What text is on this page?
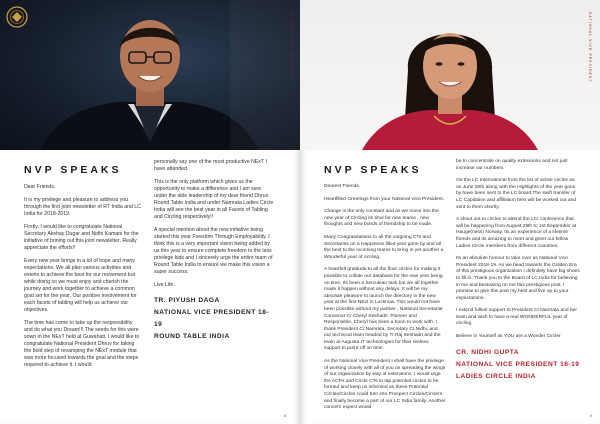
NATIONAL VICE PRESIDENT
NVP SPEAKS

Dear Friends,

It is my privilege and pleasure to address you through the first joint newsletter of RT India and LC India for 2018-2019.

Firstly, I would like to congratulate National Secretary Akshay Dugar and Nidhi Kamani for the initiative of brining out this joint newsletter. Really appreciate the efforts!!

Every new year brings in a lot of hope and many expectations. We all plan various activities and events to achieve the best for our movement but while doing so we must enjoy and cherish the journey and work together to achieve a common goal set for the year. Our positive involvement for each facets of tabling will help us achieve our objectives.

The time has come to take up the responsibility and do what you Dream!!! The seeds for this were sown in the NExT held at Guwahati. I would like to congratulate National President Dhruv for taking the bold step of revamping the NExT module that was more focused towards the goal and the steps required to achieve it. I would

personally say one of the most productive NExT I have attended.

This is the only platform which gives us the opportunity to make a difference and I am sure under the able leadership of my dear friend Dhruv Round Table India and under Namrata Ladies Circle India will see the best year in all Facets of Tabling and Circling respectively!!

A special mention about the new initiative being started this year Freedom Through Employability. I think this is a very important vision being added by us this year to ensure complete freedom to the less privilege kids and I sincerely urge the entire team of Round Table India to ensure we make this vision a super success.

Live Life.

TR. PIYUSH DAGA
NATIONAL VICE PRESIDENT 18-19
ROUND TABLE INDIA
8
NATIONAL VICE PRESIDENT
NVP SPEAKS

Dearest Friends,

Heartfilled Greetings from your National Vice President.

Change is the only constant and as we move into the new year of Circling its time for new teams , new thoughts and new bonds of friendship to be made.

Many Congratulations to all the outgoing CTs and Secretaries on a Happiness filled year gone by and all the best to the incoming teams to bring in yet another a Wonderful year of circling.

A heartfelt gratitude to all the floor circles for making it possible to collate our database for the new year being on time. Its been a herculean task but we all together made it happen without any delays. It will be my absolute pleasure to launch the directory in the new year at the first NExt in Lucknow. This would not have been possible without my partner , National Secretarial Convenor Cr.Cheryl Seshadri. Pioneer and Responsible, Cheryl has been a boon to work with. I thank President Cr.Namrata, Secretary Cr.Nidhi, and our technical team headed by Tr.Raj Seshadri and the team at Augusta IT technologies for their tireless support to pull it off on time.

As the National Vice President I shall have the privilege of working closely with all of you on spreading the wings of our organization by way of extensions. I would urge the ACPs and Circle CTs to tap potential circles to be formed and keep us informed as these Potential Circles/Circles could turn into Prospect Circles/Circlers and finally become a part of our LC India family. Another concern expect would

be to concentrate on quality extensions and not just increase our numbers.

On the LC International front the list of active circles as on June 30th along with the Highlights of the year gone by have been sent to the LC board.The swift transfer of LC Capitation and affiliation fees will be worked out and sent to them shortly.

A shout out to circles to attend the LCI conference that will be happening from August 29th to 1st September at Hauge(ness) Norway. Its an experience of a lifetime friends and its amazing to meet and greet our fellow Ladies Circle members from different countries.

Its an absolute honour to take over as National Vice President 2018-19. As we head towards the Golden Era of this prestigious organization I definitely have big shoes to fill in. Thank you to the Board of LC India for believing in me and bestowing on me this prestigious post. I promise to give this post my best and live up to your expectations.

I extend fullest support to President Cr.Namrata and her team and wish to have a real WONDERFUL year of circling.

Believe in Yourself as YOU are a Wonder Circler

CR. NIDHI GUPTA
NATIONAL VICE PRESIDENT 18-19
LADIES CIRCLE INDIA
9
